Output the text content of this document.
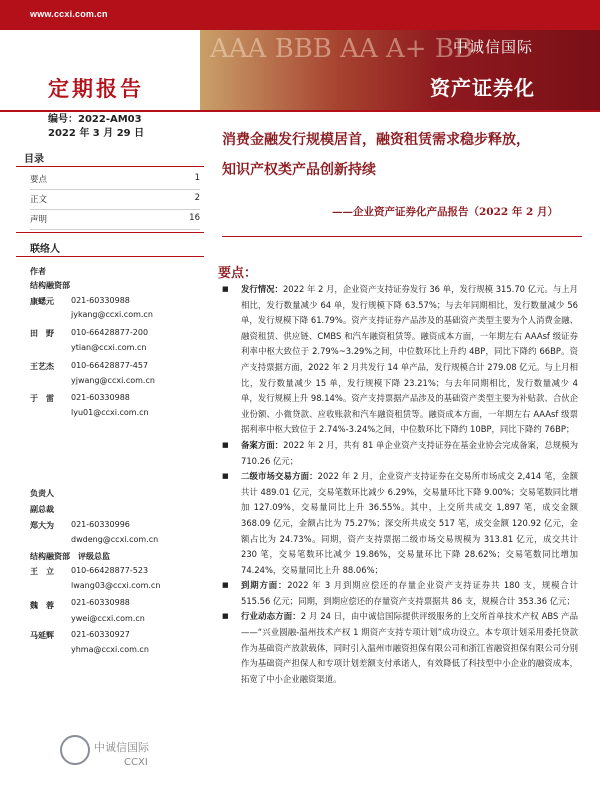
www.ccxi.com.cn
AAA BBB AA A+ BB
中诚信国际
资产证券化
定期报告
编号：2022-AM03
2022 年 3 月 29 日
目录
要点	1
正文	2
声明	16
联络人
作者
结构融资部
康蟋元 021-60330988
jykang@ccxi.com.cn
田　野 010-66428877-200
ytian@ccxi.com.cn
王艺杰 010-66428877-457
yjwang@ccxi.com.cn
于　雷 021-60330988
lyu01@ccxi.com.cn
负责人
副总裁
郑大为 021-60330996
dwdeng@ccxi.com.cn
结构融资部　评级总监
王　立 010-66428877-523
lwang03@ccxi.com.cn
魏　蓉 021-60330988
ywei@ccxi.com.cn
马延辉 021-60330927
yhma@ccxi.com.cn
消费金融发行规模居首，融资租赁需求稳步释放，
知识产权类产品创新持续
——企业资产证券化产品报告（2022 年 2 月）
要点：
■ 发行情况：2022 年 2 月，企业资产支持证券发行 36 单，发行规模 315.70 亿元。与上月相比，发行数量减少 64 单，发行规模下降 63.57%；与去年同期相比，发行数量减少 56 单，发行规模下降 61.79%。资产支持证券产品涉及的基础资产类型主要为个人消费金融、融资租赁、供应链、CMBS 和汽车融资租赁等。融资成本方面，一年期左右 AAAsf 级证券利率中枢大致位于 2.79%~3.29%之间，中位数环比上升约 4BP，同比下降约 66BP。资产支持票据方面，2022 年 2 月共发行 14 单产品，发行规模合计 279.08 亿元。与上月相比，发行数量减少 15 单，发行规模下降 23.21%；与去年同期相比，发行数量减少 4 单，发行规模上升 98.14%。资产支持票据产品涉及的基础资产类型主要为补贴款、合伙企业份额、小微贷款、应收账款和汽车融资租赁等。融资成本方面，一年期左右 AAAsf 级票据利率中枢大致位于 2.74%-3.24%之间，中位数环比下降约 10BP，同比下降约 76BP；
■ 备案方面：2022 年 2 月，共有 81 单企业资产支持证券在基金业协会完成备案，总规模为 710.26 亿元；
■ 二级市场交易方面：2022 年 2 月，企业资产支持证券在交易所市场成交 2,414 笔，金额共计 489.01 亿元，交易笔数环比减少 6.29%，交易量环比下降 9.00%；交易笔数同比增加 127.09%，交易量同比上升 36.55%。其中，上交所共成交 1,897 笔，成交金额 368.09 亿元，金额占比为 75.27%；深交所共成交 517 笔，成交金额 120.92 亿元，金额占比为 24.73%。同期，资产支持票据二级市场交易规模为 313.81 亿元，成交共计 230 笔，交易笔数环比减少 19.86%，交易量环比下降 28.62%；交易笔数同比增加 74.24%，交易量同比上升 88.06%；
■ 到期方面：2022 年 3 月到期应偿还的存量企业资产支持证券共 180 支，规模合计 515.56 亿元；同期，到期应偿还的存量资产支持票据共 86 支，规模合计 353.36 亿元；
■ 行业动态方面：2 月 24 日，由中诚信国际提供评级服务的上交所首单技术产权 ABS 产品——“兴业圆融-温州技术产权 1 期资产支持专项计划”成功设立。本专项计划采用委托贷款作为基础资产放款载体，同时引入温州市融资担保有限公司和浙江省融资担保有限公司分别作为基础资产担保人和专项计划差额支付承诺人，有效降低了科技型中小企业的融资成本，拓宽了中小企业融资渠道。
中诚信国际
CCXI
